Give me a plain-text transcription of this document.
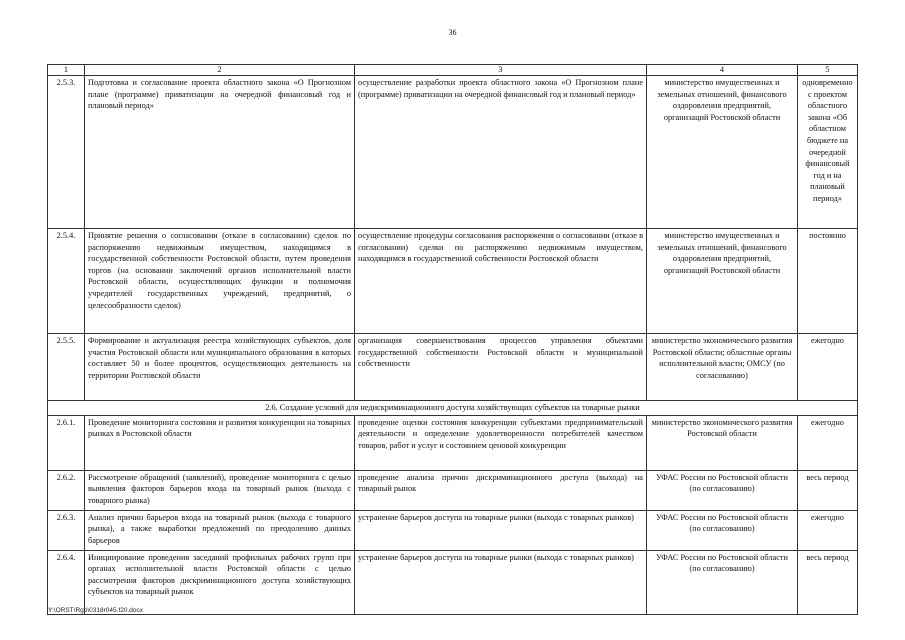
36
1	2	3	4	5
2.5.3.	Подготовка и согласование проекта областного закона «О Прогнозном плане (программе) приватизации на очередной финансовый год и плановый период»	осуществление разработки проекта областного закона «О Прогнозном плане (программе) приватизации на очередной финансовый год и плановый период»	министерство имущественных и земельных отношений, финансового оздоровления предприятий, организаций Ростовской области	одновременно с проектом областного закона «Об областном бюджете на очередной финансовый год и на плановый период»
2.5.4.	Принятие решения о согласовании (отказе в согласовании) сделок по распоряжению недвижимым имуществом, находящимся в государственной собственности Ростовской области, путем проведения торгов (на основании заключений органов исполнительной власти Ростовской области, осуществляющих функции и полномочия учредителей государственных учреждений, предприятий, о целесообразности сделок)	осуществление процедуры согласования распоряжения о согласовании (отказе в согласовании) сделки по распоряжению недвижимым имуществом, находящимся в государственной собственности Ростовской области	министерство имущественных и земельных отношений, финансового оздоровления предприятий, организаций Ростовской области	постоянно
2.5.5.	Формирование и актуализация реестра хозяйствующих субъектов, доля участия Ростовской области или муниципального образования в которых составляет 50 и более процентов, осуществляющих деятельность на территории Ростовской области	организация совершенствования процессов управления объектами государственной собственности Ростовской области и муниципальной собственности	министерство экономического развития Ростовской области; областные органы исполнительной власти; ОМСУ (по согласованию)	ежегодно
2.6. Создание условий для недискриминационного доступа хозяйствующих субъектов на товарные рынки				
2.6.1.	Проведение мониторинга состояния и развития конкуренции на товарных рынках в Ростовской области	проведение оценки состояния конкуренции субъектами предпринимательской деятельности и определение удовлетворенности потребителей качеством товаров, работ и услуг и состоянием ценовой конкуренции	министерство экономического развития Ростовской области	ежегодно
2.6.2.	Рассмотрение обращений (заявлений), проведение мониторинга с целью выявления факторов барьеров входа на товарный рынок (выхода с товарного рынка)	проведение анализа причин дискриминационного доступа (выхода) на товарный рынок	УФАС России по Ростовской области (по согласованию)	весь период
2.6.3.	Анализ причин барьеров входа на товарный рынок (выхода с товарного рынка), а также выработки предложений по преодолению данных барьеров	устранение барьеров доступа на товарные рынки (выхода с товарных рынков)	УФАС России по Ростовской области (по согласованию)	ежегодно
2.6.4.	Инициирование проведения заседаний профильных рабочих групп при органах исполнительной власти Ростовской области с целью рассмотрения факторов дискриминационного доступа хозяйствующих субъектов на товарный рынок	устранение барьеров доступа на товарные рынки (выхода с товарных рынков)	УФАС России по Ростовской области (по согласованию)	весь период
Y:\ORST\Rgo\0318r045.f20.docx
